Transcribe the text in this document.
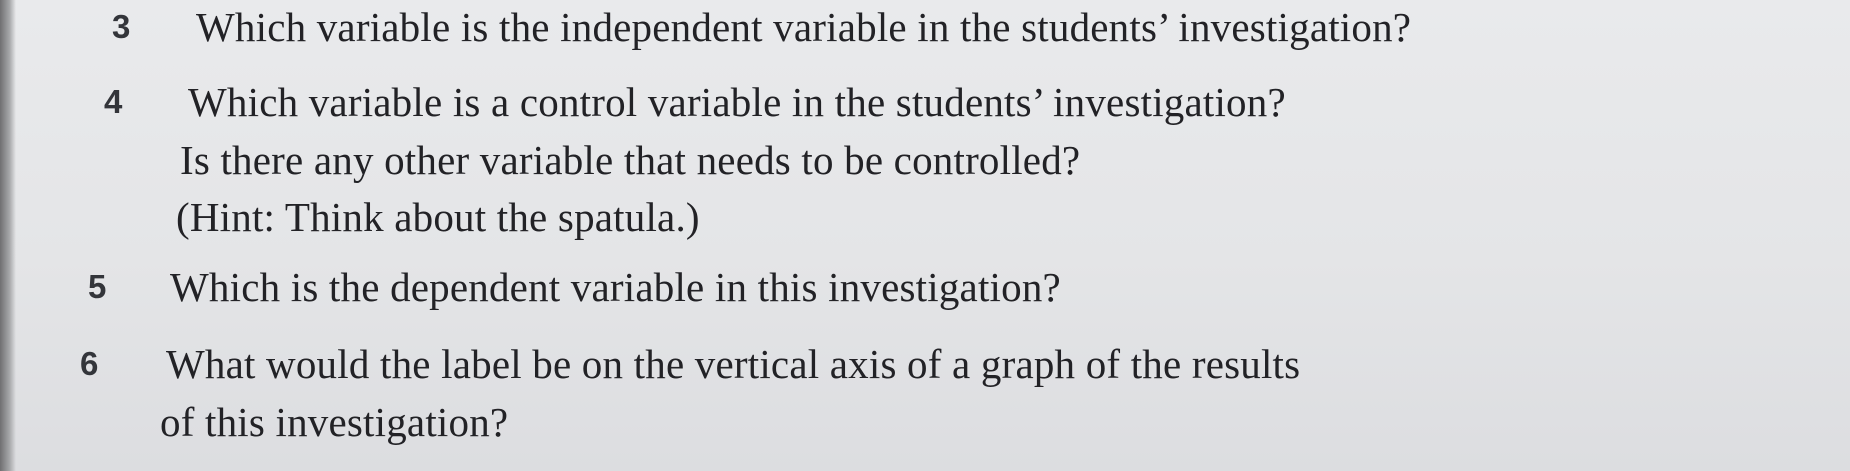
3 Which variable is the independent variable in the students’ investigation?
4 Which variable is a control variable in the students’ investigation?
Is there any other variable that needs to be controlled?
(Hint: Think about the spatula.)
5 Which is the dependent variable in this investigation?
6 What would the label be on the vertical axis of a graph of the results
of this investigation?
